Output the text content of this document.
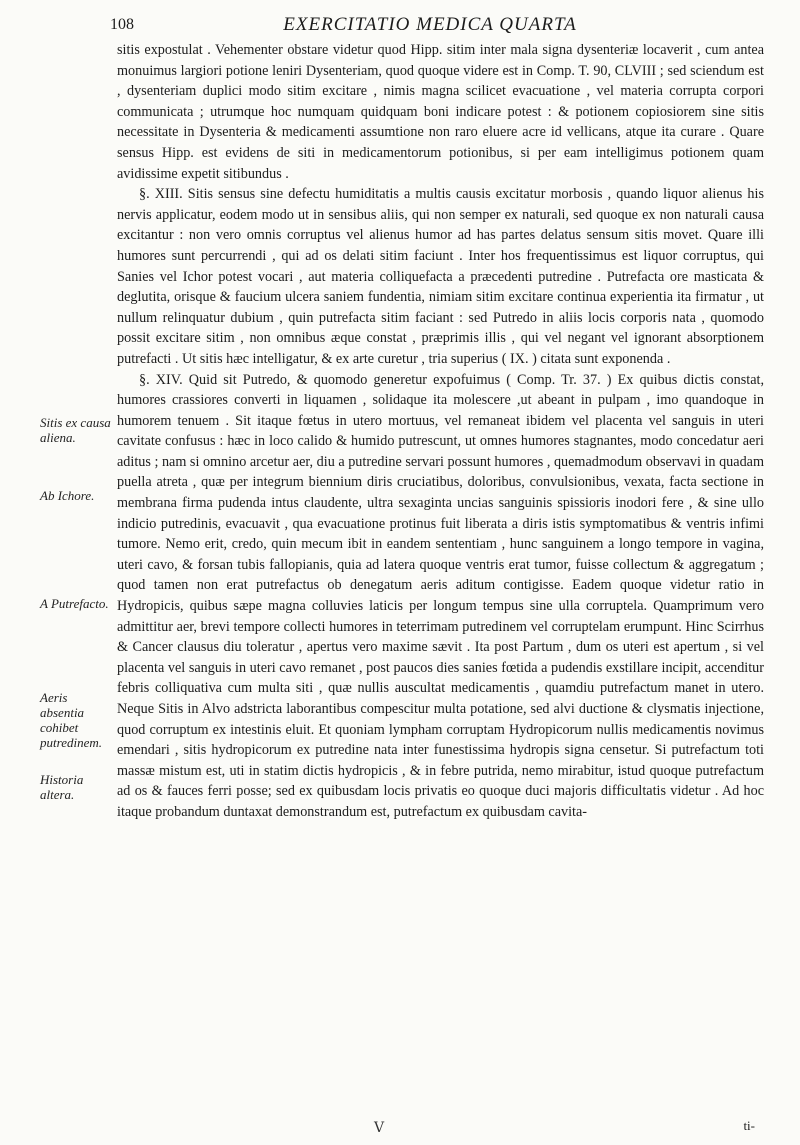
108	EXERCITATIO MEDICA QUARTA
Sitis ex causa aliena.
Ab Ichore.
A Putrefacto.
Aeris absentia cohibet putredinem.
Historia altera.

sitis expostulat . Vehementer obstare videtur quod Hipp. sitim inter mala signa dysenteriæ locaverit , cum antea monuimus largiori potione leniri Dysenteriam, quod quoque videre est in Comp. T. 90, CLVIII ; sed sciendum est , dysenteriam duplici modo sitim excitare , nimis magna scilicet evacuatione , vel materia corrupta corpori communicata ; utrumque hoc numquam quidquam boni indicare potest : & potionem copiosiorem sine sitis necessitate in Dysenteria & medicamenti assumtione non raro eluere acre id vellicans, atque ita curare . Quare sensus Hipp. est evidens de siti in medicamentorum potionibus, si per eam intelligimus potionem quam avidissime expetit sitibundus .

§. XIII. Sitis sensus sine defectu humiditatis a multis causis excitatur morbosis , quando liquor alienus his nervis applicatur, eodem modo ut in sensibus aliis, qui non semper ex naturali, sed quoque ex non naturali causa excitantur : non vero omnis corruptus vel alienus humor ad has partes delatus sensum sitis movet. Quare illi humores sunt percurrendi , qui ad os delati sitim faciunt . Inter hos frequentissimus est liquor corruptus, qui Sanies vel Ichor potest vocari , aut materia colliquefacta a præcedenti putredine . Putrefacta ore masticata & deglutita, orisque & faucium ulcera saniem fundentia, nimiam sitim excitare continua experientia ita firmatur , ut nullum relinquatur dubium , quin putrefacta sitim faciant : sed Putredo in aliis locis corporis nata , quomodo possit excitare sitim , non omnibus æque constat , præprimis illis , qui vel negant vel ignorant absorptionem putrefacti . Ut sitis hæc intelligatur, & ex arte curetur , tria superius ( IX. ) citata sunt exponenda .

§. XIV. Quid sit Putredo, & quomodo generetur expofuimus ( Comp. Tr. 37. ) Ex quibus dictis constat, humores crassiores converti in liquamen , solidaque ita molescere ,ut abeant in pulpam , imo quandoque in humorem tenuem . Sit itaque fœtus in utero mortuus, vel remaneat ibidem vel placenta vel sanguis in uteri cavitate confusus : hæc in loco calido & humido putrescunt, ut omnes humores stagnantes, modo concedatur aeri aditus ; nam si omnino arcetur aer, diu a putredine servari possunt humores , quemadmodum observavi in quadam puella atreta , quæ per integrum biennium diris cruciatibus, doloribus, convulsionibus, vexata, facta sectione in membrana firma pudenda intus claudente, ultra sexaginta uncias sanguinis spissioris inodori fere , & sine ullo indicio putredinis, evacuavit , qua evacuatione protinus fuit liberata a diris istis symptomatibus & ventris infimi tumore. Nemo erit, credo, quin mecum ibit in eandem sententiam , hunc sanguinem a longo tempore in vagina, uteri cavo, & forsan tubis fallopianis, quia ad latera quoque ventris erat tumor, fuisse collectum & aggregatum ; quod tamen non erat putrefactus ob denegatum aeris aditum contigisse. Eadem quoque videtur ratio in Hydropicis, quibus sæpe magna colluvies laticis per longum tempus sine ulla corruptela. Quamprimum vero admittitur aer, brevi tempore collecti humores in teterrimam putredinem vel corruptelam erumpunt. Hinc Scirrhus & Cancer clausus diu toleratur , apertus vero maxime sævit . Ita post Partum , dum os uteri est apertum , si vel placenta vel sanguis in uteri cavo remanet , post paucos dies sanies fœtida a pudendis exstillare incipit, accenditur febris colliquativa cum multa siti , quæ nullis auscultat medicamentis , quamdiu putrefactum manet in utero. Neque Sitis in Alvo adstricta laborantibus compescitur multa potatione, sed alvi ductione & clysmatis injectione, quod corruptum ex intestinis eluit. Et quoniam lympham corruptam Hydropicorum nullis medicamentis novimus emendari , sitis hydropicorum ex putredine nata inter funestissima hydropis signa censetur. Si putrefactum toti massæ mistum est, uti in statim dictis hydropicis , & in febre putrida, nemo mirabitur, istud quoque putrefactum ad os & fauces ferri posse; sed ex quibusdam locis privatis eo quoque duci majoris difficultatis videtur . Ad hoc itaque probandum duntaxat demonstrandum est, putrefactum ex quibusdam cavita-

V	ti-
